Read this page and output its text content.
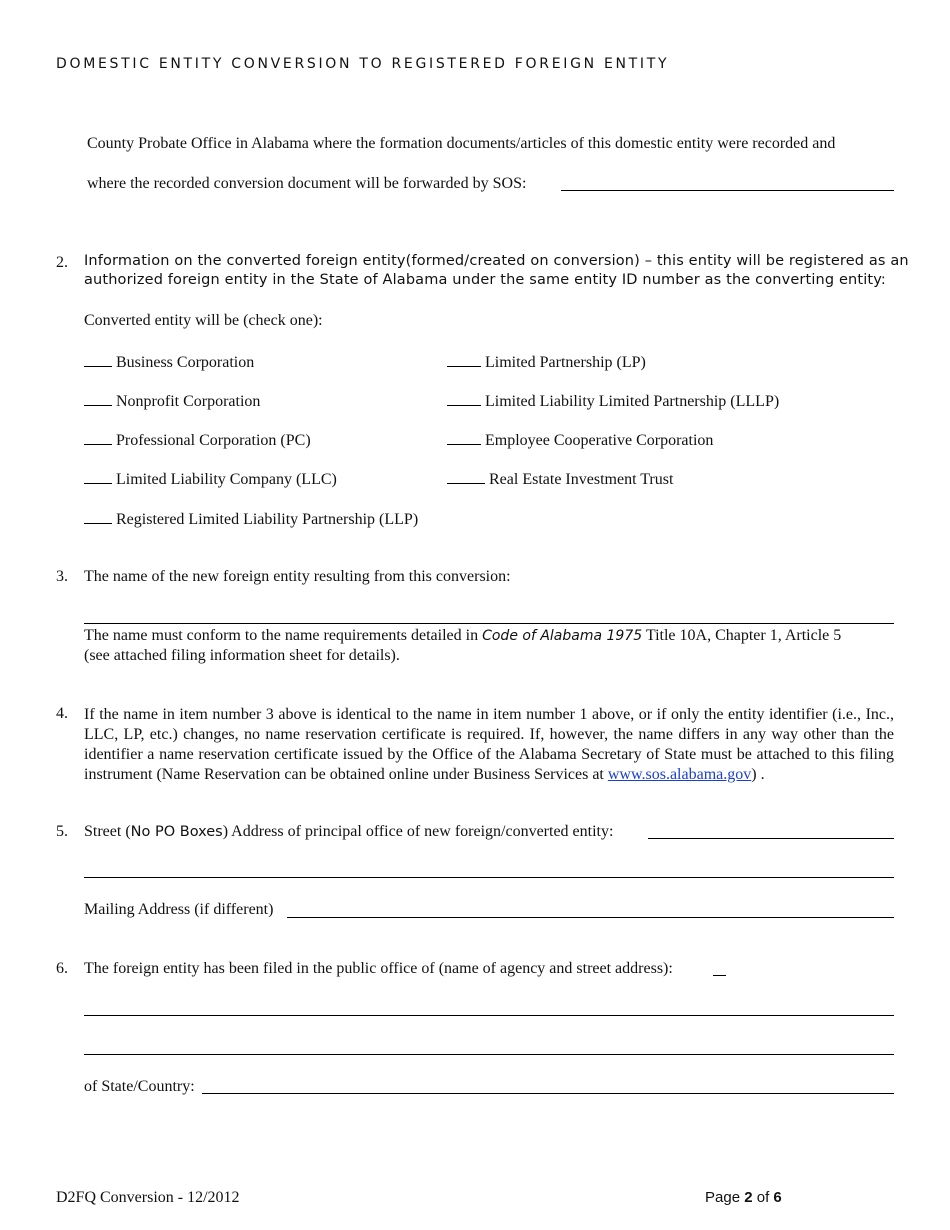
DOMESTIC ENTITY CONVERSION TO REGISTERED FOREIGN ENTITY
County Probate Office in Alabama where the formation documents/articles of this domestic entity were recorded and
where the recorded conversion document will be forwarded by SOS:
2. Information on the converted foreign entity(formed/created on conversion) – this entity will be registered as an
authorized foreign entity in the State of Alabama under the same entity ID number as the converting entity:
Converted entity will be (check one):
Business Corporation
Nonprofit Corporation
Professional Corporation (PC)
Limited Liability Company (LLC)
Registered Limited Liability Partnership (LLP)
Limited Partnership (LP)
Limited Liability Limited Partnership (LLLP)
Employee Cooperative Corporation
Real Estate Investment Trust
3. The name of the new foreign entity resulting from this conversion:
The name must conform to the name requirements detailed in Code of Alabama 1975 Title 10A, Chapter 1, Article 5
(see attached filing information sheet for details).
4. If the name in item number 3 above is identical to the name in item number 1 above, or if only the entity identifier (i.e., Inc., LLC, LP, etc.) changes, no name reservation certificate is required. If, however, the name differs in any way other than the identifier a name reservation certificate issued by the Office of the Alabama Secretary of State must be attached to this filing instrument (Name Reservation can be obtained online under Business Services at www.sos.alabama.gov) .
5. Street (No PO Boxes) Address of principal office of new foreign/converted entity:
Mailing Address (if different)
6. The foreign entity has been filed in the public office of (name of agency and street address):
of State/Country:
D2FQ Conversion - 12/2012	Page 2 of 6
